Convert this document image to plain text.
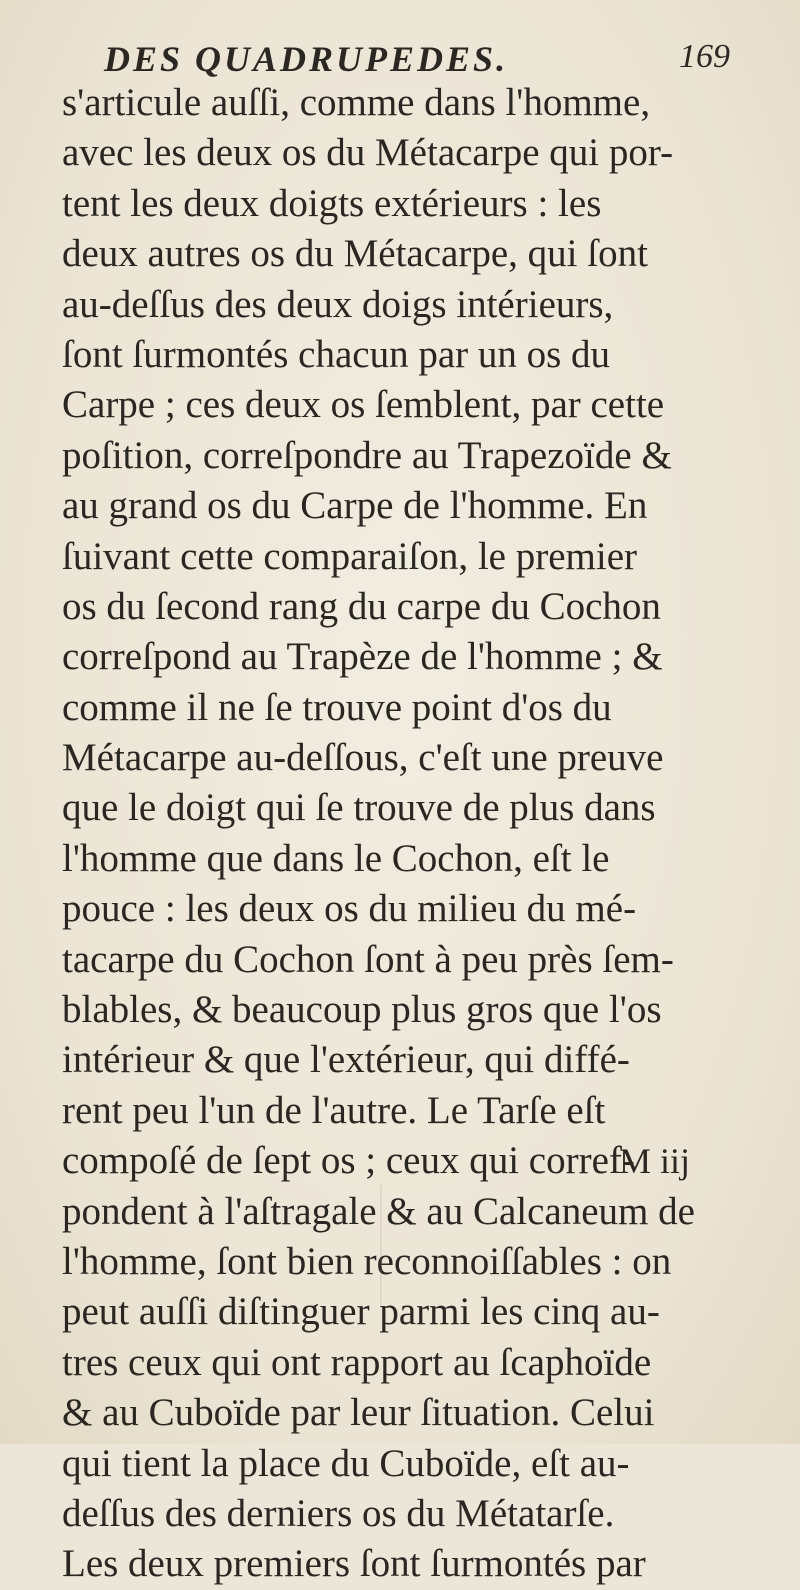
DES QUADRUPEDES.	169
s'articule auſſi, comme dans l'homme,
avec les deux os du Métacarpe qui por-
tent les deux doigts extérieurs : les
deux autres os du Métacarpe, qui ſont
au-deſſus des deux doigs intérieurs,
ſont ſurmontés chacun par un os du
Carpe ; ces deux os ſemblent, par cette
poſition, correſpondre au Trapezoïde &
au grand os du Carpe de l'homme. En
ſuivant cette comparaiſon, le premier
os du ſecond rang du carpe du Cochon
correſpond au Trapèze de l'homme ; &
comme il ne ſe trouve point d'os du
Métacarpe au-deſſous, c'eſt une preuve
que le doigt qui ſe trouve de plus dans
l'homme que dans le Cochon, eſt le
pouce : les deux os du milieu du mé-
tacarpe du Cochon ſont à peu près ſem-
blables, & beaucoup plus gros que l'os
intérieur & que l'extérieur, qui diffé-
rent peu l'un de l'autre. Le Tarſe eſt
compoſé de ſept os ; ceux qui corref-
pondent à l'aſtragale & au Calcaneum de
l'homme, ſont bien reconnoiſſables : on
peut auſſi diſtinguer parmi les cinq au-
tres ceux qui ont rapport au ſcaphoïde
& au Cuboïde par leur ſituation. Celui
qui tient la place du Cuboïde, eſt au-
deſſus des derniers os du Métatarſe.
Les deux premiers ſont ſurmontés par
M iij
